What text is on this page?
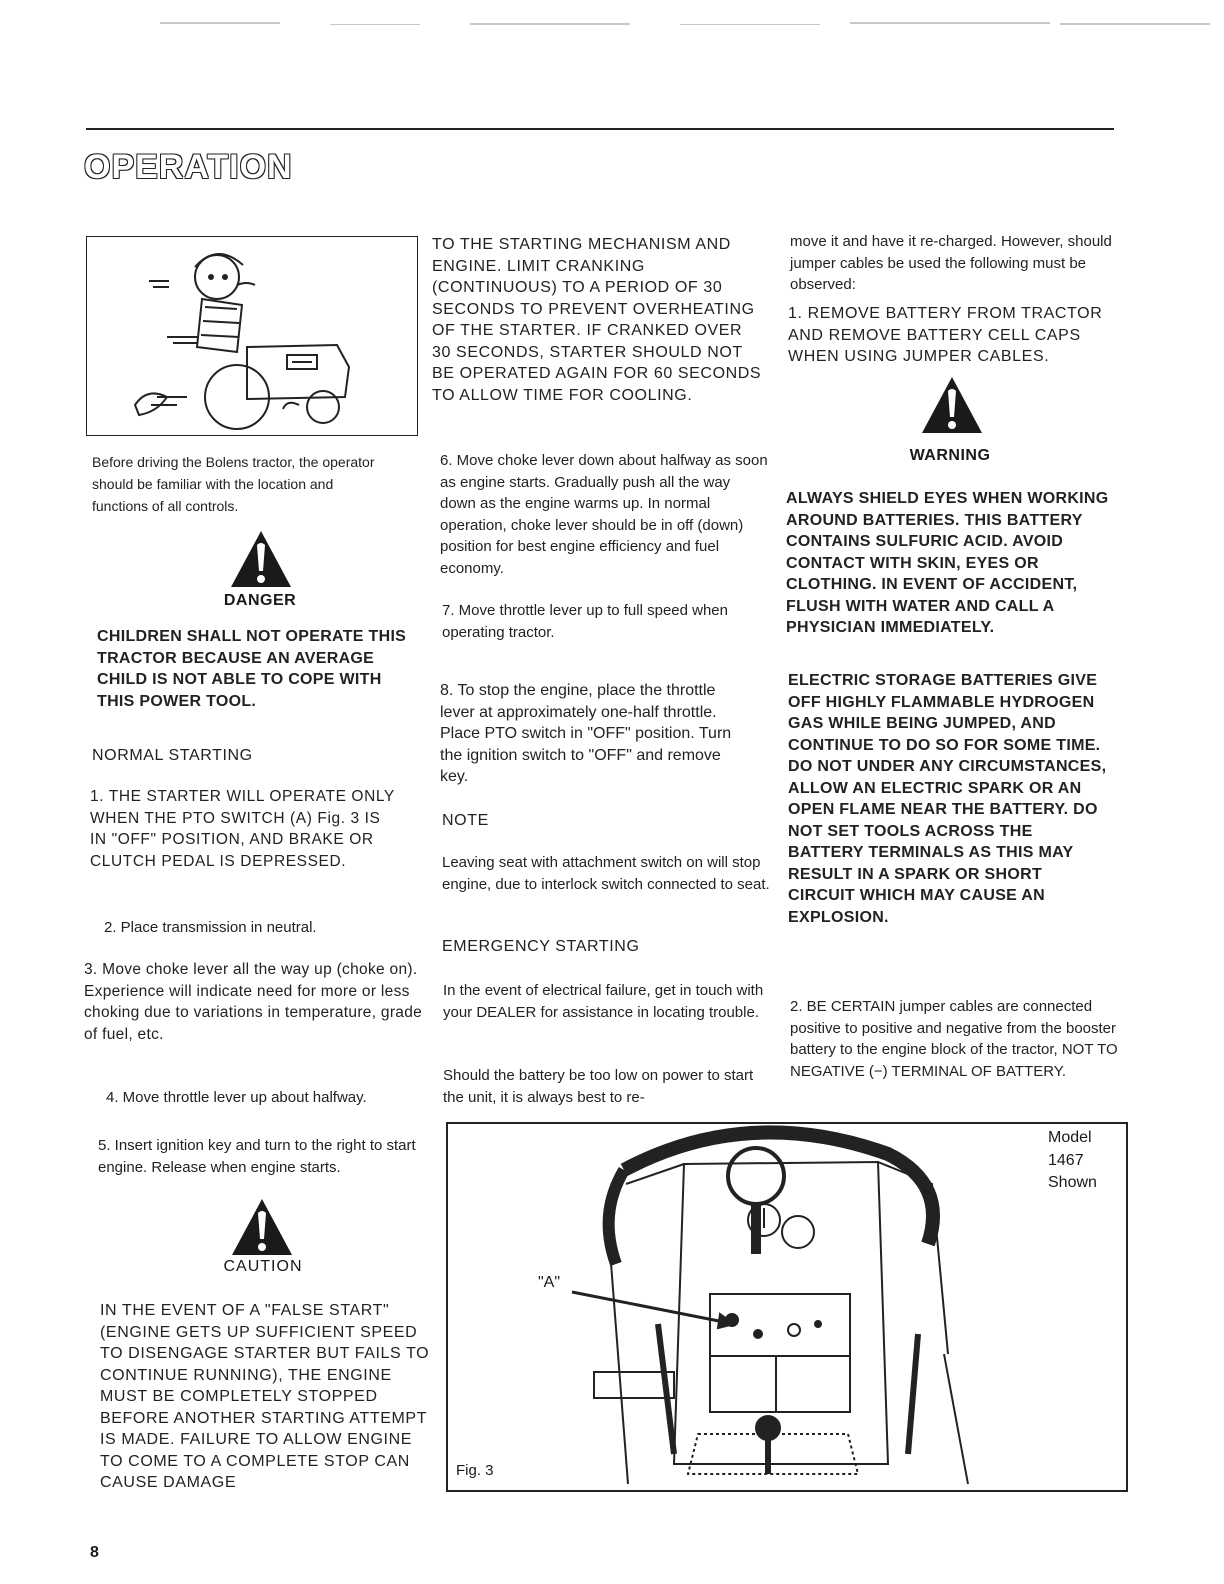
OPERATION

Before driving the Bolens tractor, the operator should be familiar with the location and functions of all controls.

DANGER

CHILDREN SHALL NOT OPERATE THIS TRACTOR BECAUSE AN AVERAGE CHILD IS NOT ABLE TO COPE WITH THIS POWER TOOL.

NORMAL STARTING

1. THE STARTER WILL OPERATE ONLY WHEN THE PTO SWITCH (A) Fig. 3 IS IN "OFF" POSITION, AND BRAKE OR CLUTCH PEDAL IS DEPRESSED.

2. Place transmission in neutral.

3. Move choke lever all the way up (choke on). Experience will indicate need for more or less choking due to variations in temperature, grade of fuel, etc.

4. Move throttle lever up about halfway.

5. Insert ignition key and turn to the right to start engine. Release when engine starts.

CAUTION

IN THE EVENT OF A "FALSE START" (ENGINE GETS UP SUFFICIENT SPEED TO DISENGAGE STARTER BUT FAILS TO CONTINUE RUNNING), THE ENGINE MUST BE COMPLETELY STOPPED BEFORE ANOTHER STARTING ATTEMPT IS MADE. FAILURE TO ALLOW ENGINE TO COME TO A COMPLETE STOP CAN CAUSE DAMAGE

TO THE STARTING MECHANISM AND ENGINE. LIMIT CRANKING (CONTINUOUS) TO A PERIOD OF 30 SECONDS TO PREVENT OVERHEATING OF THE STARTER. IF CRANKED OVER 30 SECONDS, STARTER SHOULD NOT BE OPERATED AGAIN FOR 60 SECONDS TO ALLOW TIME FOR COOLING.

6. Move choke lever down about halfway as soon as engine starts. Gradually push all the way down as the engine warms up. In normal operation, choke lever should be in off (down) position for best engine efficiency and fuel economy.

7. Move throttle lever up to full speed when operating tractor.

8. To stop the engine, place the throttle lever at approximately one-half throttle. Place PTO switch in "OFF" position. Turn the ignition switch to "OFF" and remove key.

NOTE

Leaving seat with attachment switch on will stop engine, due to interlock switch connected to seat.

EMERGENCY STARTING

In the event of electrical failure, get in touch with your DEALER for assistance in locating trouble.

Should the battery be too low on power to start the unit, it is always best to re-

move it and have it re-charged. However, should jumper cables be used the following must be observed:

1. REMOVE BATTERY FROM TRACTOR AND REMOVE BATTERY CELL CAPS WHEN USING JUMPER CABLES.

WARNING

ALWAYS SHIELD EYES WHEN WORKING AROUND BATTERIES. THIS BATTERY CONTAINS SULFURIC ACID. AVOID CONTACT WITH SKIN, EYES OR CLOTHING. IN EVENT OF ACCIDENT, FLUSH WITH WATER AND CALL A PHYSICIAN IMMEDIATELY.

ELECTRIC STORAGE BATTERIES GIVE OFF HIGHLY FLAMMABLE HYDROGEN GAS WHILE BEING JUMPED, AND CONTINUE TO DO SO FOR SOME TIME. DO NOT UNDER ANY CIRCUMSTANCES, ALLOW AN ELECTRIC SPARK OR AN OPEN FLAME NEAR THE BATTERY. DO NOT SET TOOLS ACROSS THE BATTERY TERMINALS AS THIS MAY RESULT IN A SPARK OR SHORT CIRCUIT WHICH MAY CAUSE AN EXPLOSION.

2. BE CERTAIN jumper cables are connected positive to positive and negative from the booster battery to the engine block of the tractor, NOT TO NEGATIVE (−) TERMINAL OF BATTERY.

Model
1467
Shown
"A"
Fig. 3
8
